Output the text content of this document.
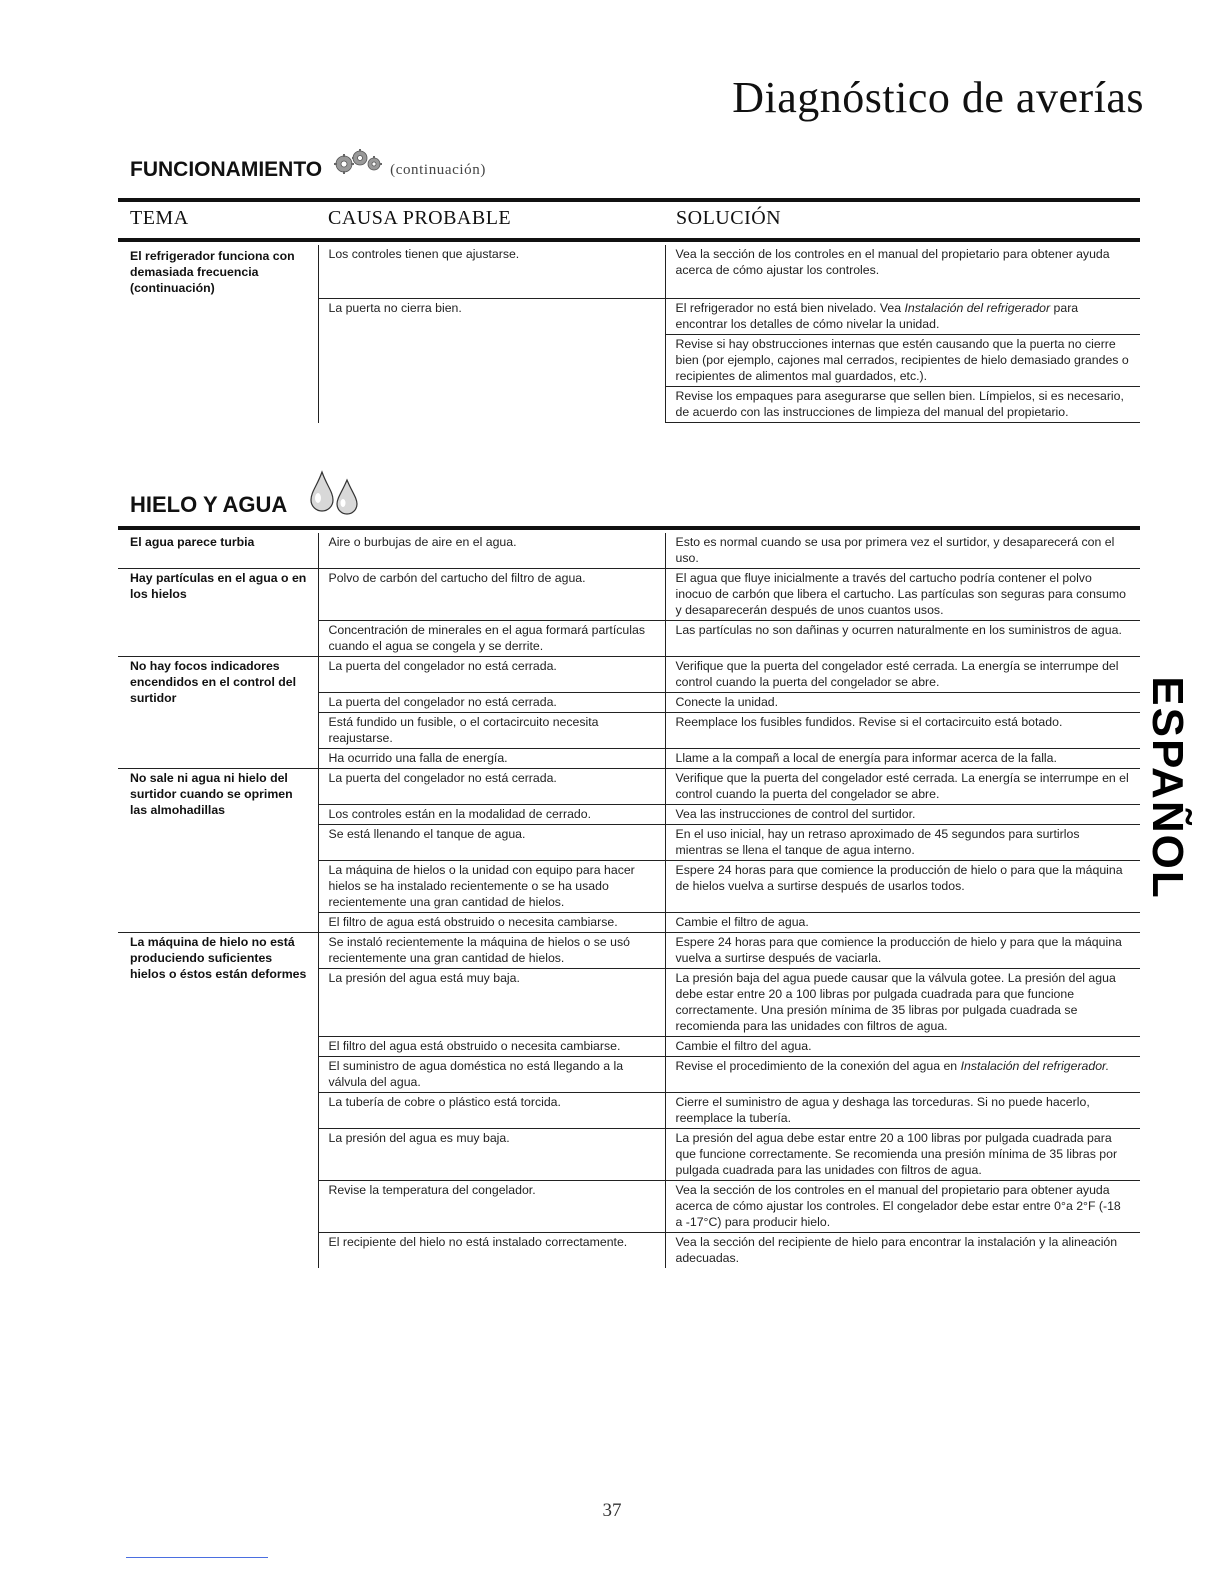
Diagnóstico de averías
FUNCIONAMIENTO	(continuación)
TEMA	CAUSA PROBABLE	SOLUCIÓN
El refrigerador funciona con demasiada frecuencia (continuación)	Los controles tienen que ajustarse.	Vea la sección de los controles en el manual del propietario para obtener ayuda acerca de cómo ajustar los controles.
	La puerta no cierra bien.	El refrigerador no está bien nivelado. Vea Instalación del refrigerador para encontrar los detalles de cómo nivelar la unidad.
		Revise si hay obstrucciones internas que estén causando que la puerta no cierre bien (por ejemplo, cajones mal cerrados, recipientes de hielo demasiado grandes o recipientes de alimentos mal guardados, etc.).
		Revise los empaques para asegurarse que sellen bien. Límpielos, si es necesario, de acuerdo con las instrucciones de limpieza del manual del propietario.
HIELO Y AGUA
El agua parece turbia	Aire o burbujas de aire en el agua.	Esto es normal cuando se usa por primera vez el surtidor, y desaparecerá con el uso.
Hay partículas en el agua o en los hielos	Polvo de carbón del cartucho del filtro de agua.	El agua que fluye inicialmente a través del cartucho podría contener el polvo inocuo de carbón que libera el cartucho. Las partículas son seguras para consumo y desaparecerán después de unos cuantos usos.
	Concentración de minerales en el agua formará partículas cuando el agua se congela y se derrite.	Las partículas no son dañinas y ocurren naturalmente en los suministros de agua.
No hay focos indicadores encendidos en el control del surtidor	La puerta del congelador no está cerrada.	Verifique que la puerta del congelador esté cerrada. La energía se interrumpe del control cuando la puerta del congelador se abre.
	La puerta del congelador no está cerrada.	Conecte la unidad.
	Está fundido un fusible, o el cortacircuito necesita reajustarse.	Reemplace los fusibles fundidos. Revise si el cortacircuito está botado.
	Ha ocurrido una falla de energía.	Llame a la compañ a local de energía para informar acerca de la falla.
No sale ni agua ni hielo del surtidor cuando se oprimen las almohadillas	La puerta del congelador no está cerrada.	Verifique que la puerta del congelador esté cerrada. La energía se interrumpe en el control cuando la puerta del congelador se abre.
	Los controles están en la modalidad de cerrado.	Vea las instrucciones de control del surtidor.
	Se está llenando el tanque de agua.	En el uso inicial, hay un retraso aproximado de 45 segundos para surtirlos mientras se llena el tanque de agua interno.
	La máquina de hielos o la unidad con equipo para hacer hielos se ha instalado recientemente o se ha usado recientemente una gran cantidad de hielos.	Espere 24 horas para que comience la producción de hielo o para que la máquina de hielos vuelva a surtirse después de usarlos todos.
	El filtro de agua está obstruido o necesita cambiarse.	Cambie el filtro de agua.
La máquina de hielo no está produciendo suficientes hielos o éstos están deformes	Se instaló recientemente la máquina de hielos o se usó recientemente una gran cantidad de hielos.	Espere 24 horas para que comience la producción de hielo y para que la máquina vuelva a surtirse después de vaciarla.
	La presión del agua está muy baja.	La presión baja del agua puede causar que la válvula gotee. La presión del agua debe estar entre 20 a 100 libras por pulgada cuadrada para que funcione correctamente. Una presión mínima de 35 libras por pulgada cuadrada se recomienda para las unidades con filtros de agua.
	El filtro del agua está obstruido o necesita cambiarse.	Cambie el filtro del agua.
	El suministro de agua doméstica no está llegando a la válvula del agua.	Revise el procedimiento de la conexión del agua en Instalación del refrigerador.
	La tubería de cobre o plástico está torcida.	Cierre el suministro de agua y deshaga las torceduras. Si no puede hacerlo, reemplace la tubería.
	La presión del agua es muy baja.	La presión del agua debe estar entre 20 a 100 libras por pulgada cuadrada para que funcione correctamente. Se recomienda una presión mínima de 35 libras por pulgada cuadrada para las unidades con filtros de agua.
	Revise la temperatura del congelador.	Vea la sección de los controles en el manual del propietario para obtener ayuda acerca de cómo ajustar los controles. El congelador debe estar entre 0°a 2°F (-18 a -17°C) para producir hielo.
	El recipiente del hielo no está instalado correctamente.	Vea la sección del recipiente de hielo para encontrar la instalación y la alineación adecuadas.
ESPAÑOL
37
